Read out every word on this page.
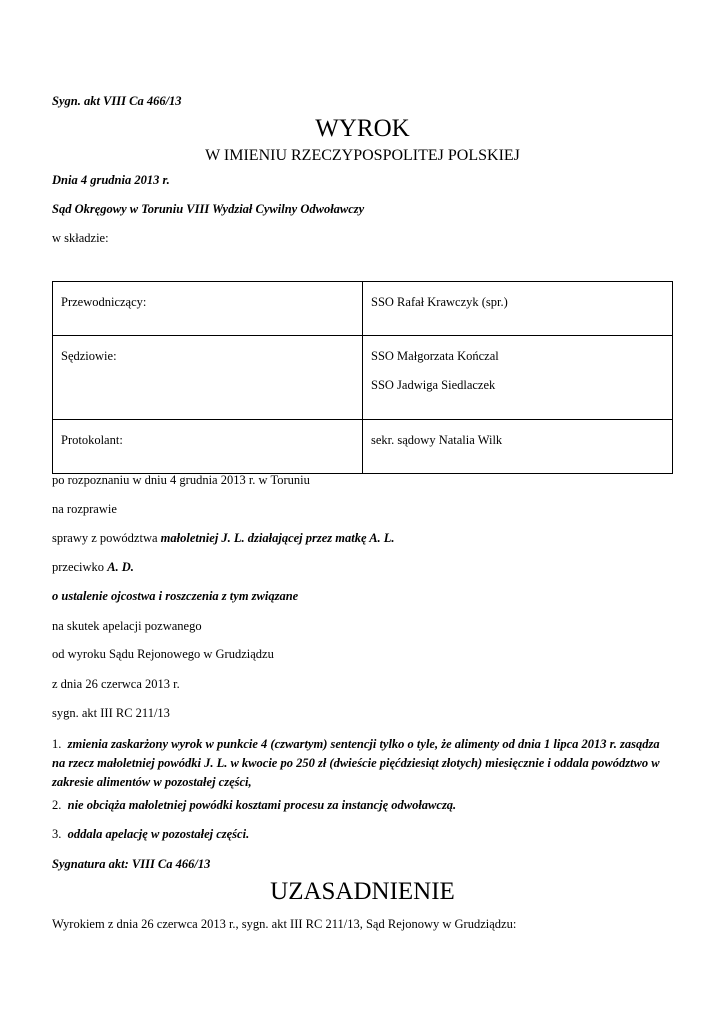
Sygn. akt VIII Ca 466/13
WYROK
W IMIENIU RZECZYPOSPOLITEJ POLSKIEJ
Dnia 4 grudnia 2013 r.
Sąd Okręgowy w Toruniu VIII Wydział Cywilny Odwoławczy
w składzie:
Przewodniczący:	SSO Rafał Krawczyk (spr.)

Sędziowie:	SSO Małgorzata Kończal
SSO Jadwiga Siedlaczek

Protokolant:	sekr. sądowy Natalia Wilk
po rozpoznaniu w dniu 4 grudnia 2013 r. w Toruniu
na rozprawie
sprawy z powództwa małoletniej J. L. działającej przez matkę A. L.
przeciwko A. D.
o ustalenie ojcostwa i roszczenia z tym związane
na skutek apelacji pozwanego
od wyroku Sądu Rejonowego w Grudziądzu
z dnia 26 czerwca 2013 r.
sygn. akt III RC 211/13
1. zmienia zaskarżony wyrok w punkcie 4 (czwartym) sentencji tylko o tyle, że alimenty od dnia 1 lipca 2013 r. zasądza na rzecz małoletniej powódki J. L. w kwocie po 250 zł (dwieście pięćdziesiąt złotych) miesięcznie i oddala powództwo w zakresie alimentów w pozostałej części,
2. nie obciąża małoletniej powódki kosztami procesu za instancję odwoławczą.
3. oddala apelację w pozostałej części.
Sygnatura akt: VIII Ca 466/13
UZASADNIENIE
Wyrokiem z dnia 26 czerwca 2013 r., sygn. akt III RC 211/13, Sąd Rejonowy w Grudziądzu:
